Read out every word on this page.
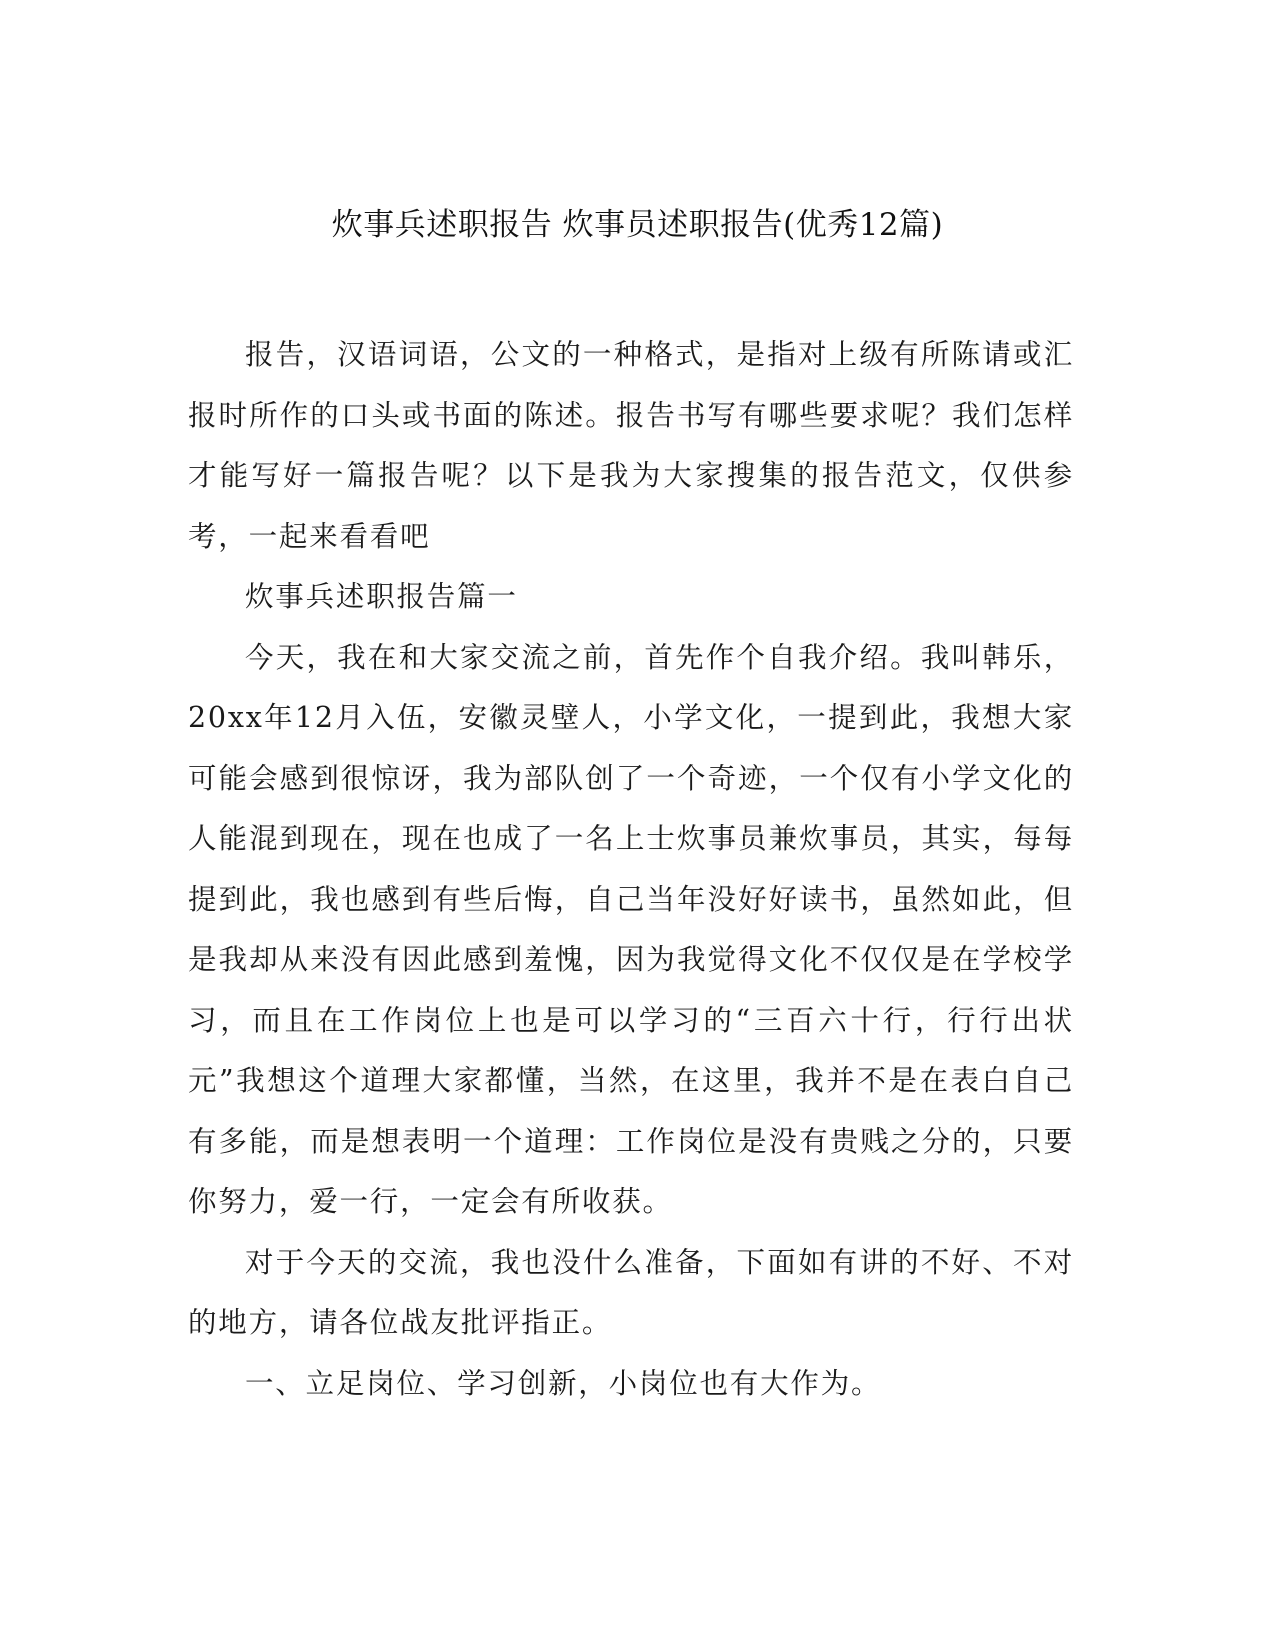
炊事兵述职报告 炊事员述职报告(优秀12篇)

报告，汉语词语，公文的一种格式，是指对上级有所陈请或汇报时所作的口头或书面的陈述。报告书写有哪些要求呢？我们怎样才能写好一篇报告呢？以下是我为大家搜集的报告范文，仅供参考，一起来看看吧

炊事兵述职报告篇一

今天，我在和大家交流之前，首先作个自我介绍。我叫韩乐，20xx年12月入伍，安徽灵壁人，小学文化，一提到此，我想大家可能会感到很惊讶，我为部队创了一个奇迹，一个仅有小学文化的人能混到现在，现在也成了一名上士炊事员兼炊事员，其实，每每提到此，我也感到有些后悔，自己当年没好好读书，虽然如此，但是我却从来没有因此感到羞愧，因为我觉得文化不仅仅是在学校学习，而且在工作岗位上也是可以学习的“三百六十行，行行出状元”我想这个道理大家都懂，当然，在这里，我并不是在表白自己有多能，而是想表明一个道理：工作岗位是没有贵贱之分的，只要你努力，爱一行，一定会有所收获。

对于今天的交流，我也没什么准备，下面如有讲的不好、不对的地方，请各位战友批评指正。

一、立足岗位、学习创新，小岗位也有大作为。
